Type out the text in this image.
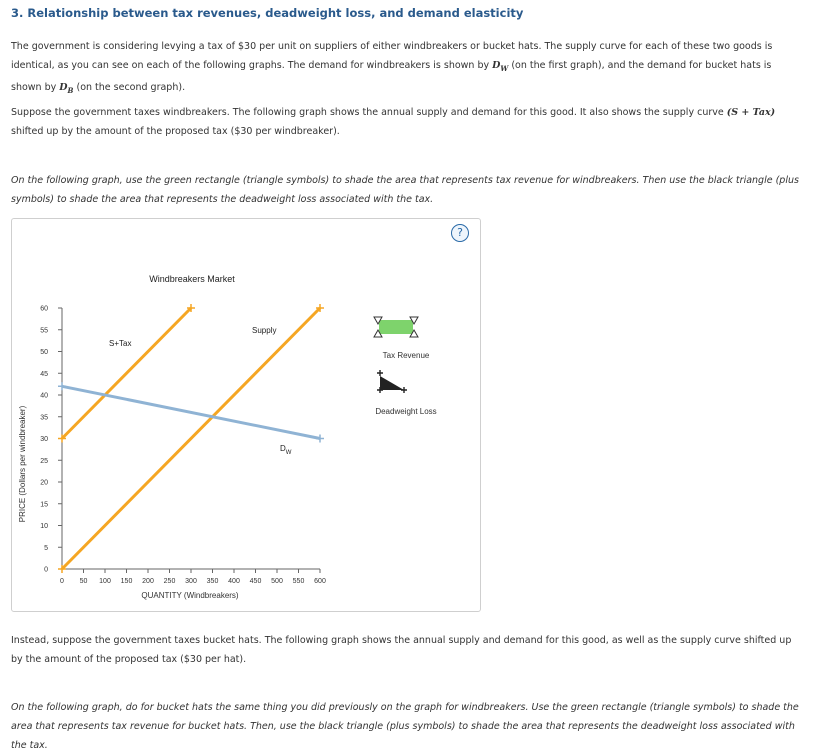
3. Relationship between tax revenues, deadweight loss, and demand elasticity
The government is considering levying a tax of $30 per unit on suppliers of either windbreakers or bucket hats. The supply curve for each of these two goods is identical, as you can see on each of the following graphs. The demand for windbreakers is shown by $D_W$ (on the first graph), and the demand for bucket hats is shown by $D_B$ (on the second graph).
Suppose the government taxes windbreakers. The following graph shows the annual supply and demand for this good. It also shows the supply curve (S + Tax) shifted up by the amount of the proposed tax ($30 per windbreaker).
On the following graph, use the green rectangle (triangle symbols) to shade the area that represents tax revenue for windbreakers. Then use the black triangle (plus symbols) to shade the area that represents the deadweight loss associated with the tax.
?
Windbreakers Market
0 50 100 150 200 250 300 350 400 450 500 550 600
0
5
10
15
20
25
30
35
40
45
50
55
60
Supply
S+Tax
$D_W$
QUANTITY (Windbreakers)
PRICE (Dollars per windbreaker)
Tax Revenue
Deadweight Loss
Instead, suppose the government taxes bucket hats. The following graph shows the annual supply and demand for this good, as well as the supply curve shifted up by the amount of the proposed tax ($30 per hat).
On the following graph, do for bucket hats the same thing you did previously on the graph for windbreakers. Use the green rectangle (triangle symbols) to shade the area that represents tax revenue for bucket hats. Then, use the black triangle (plus symbols) to shade the area that represents the deadweight loss associated with the tax.
